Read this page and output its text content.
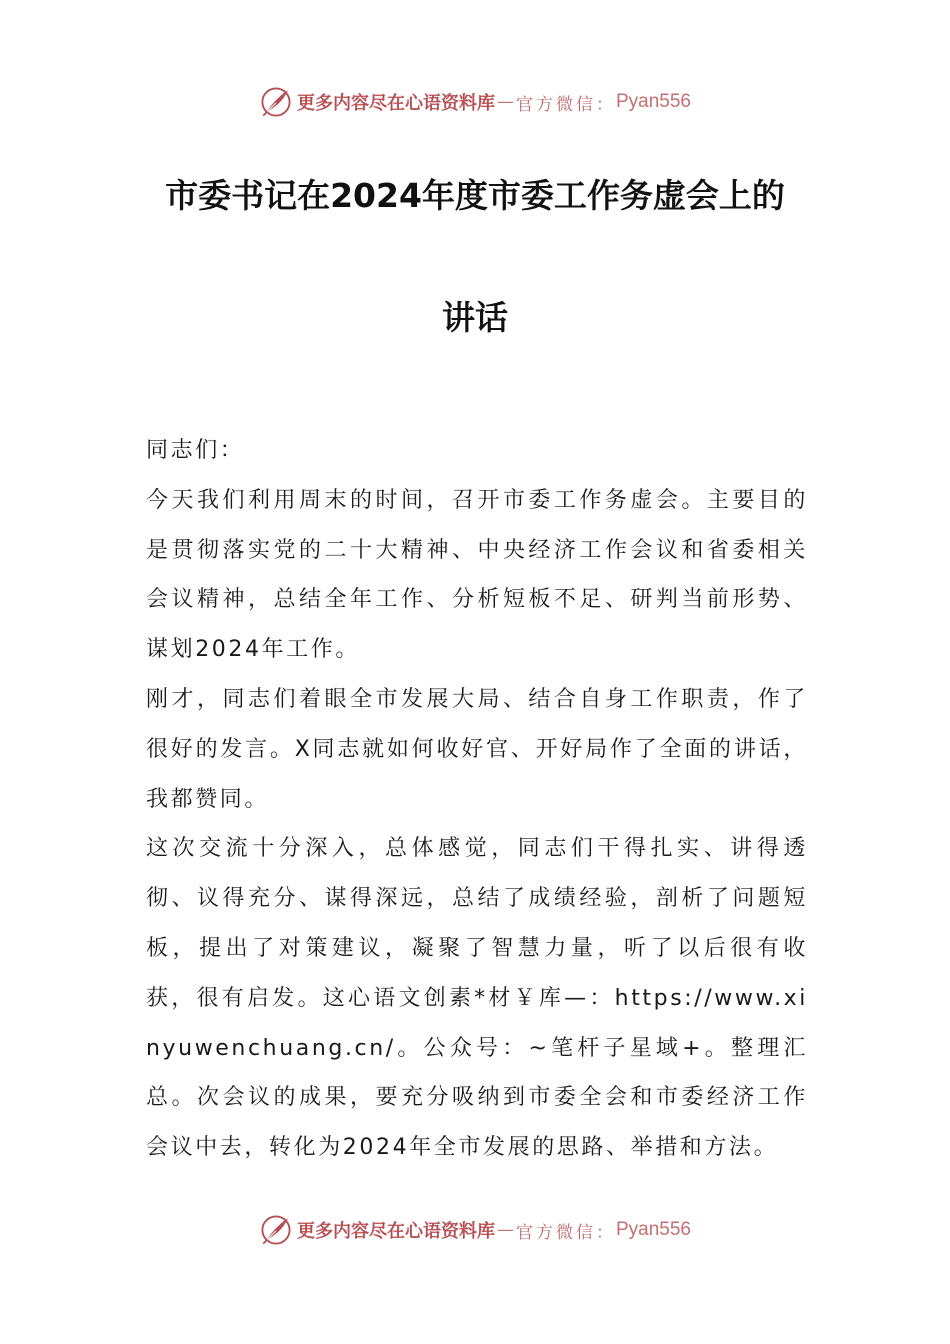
更多内容尽在心语资料库 — 官方微信： Pyan556
市委书记在2024年度市委工作务虚会上的
讲话

同志们：

今天我们利用周末的时间，召开市委工作务虚会。主要目的是贯彻落实党的二十大精神、中央经济工作会议和省委相关会议精神，总结全年工作、分析短板不足、研判当前形势、谋划2024年工作。

刚才，同志们着眼全市发展大局、结合自身工作职责，作了很好的发言。X同志就如何收好官、开好局作了全面的讲话，我都赞同。

这次交流十分深入，总体感觉，同志们干得扎实、讲得透彻、议得充分、谋得深远，总结了成绩经验，剖析了问题短板，提出了对策建议，凝聚了智慧力量，听了以后很有收获，很有启发。这心语文创素*材￥库—：https://www.xinyuwenchuang.cn/。公众号：~笔杆子星域+。整理汇总。次会议的成果，要充分吸纳到市委全会和市委经济工作会议中去，转化为2024年全市发展的思路、举措和方法。

更多内容尽在心语资料库 — 官方微信： Pyan556
